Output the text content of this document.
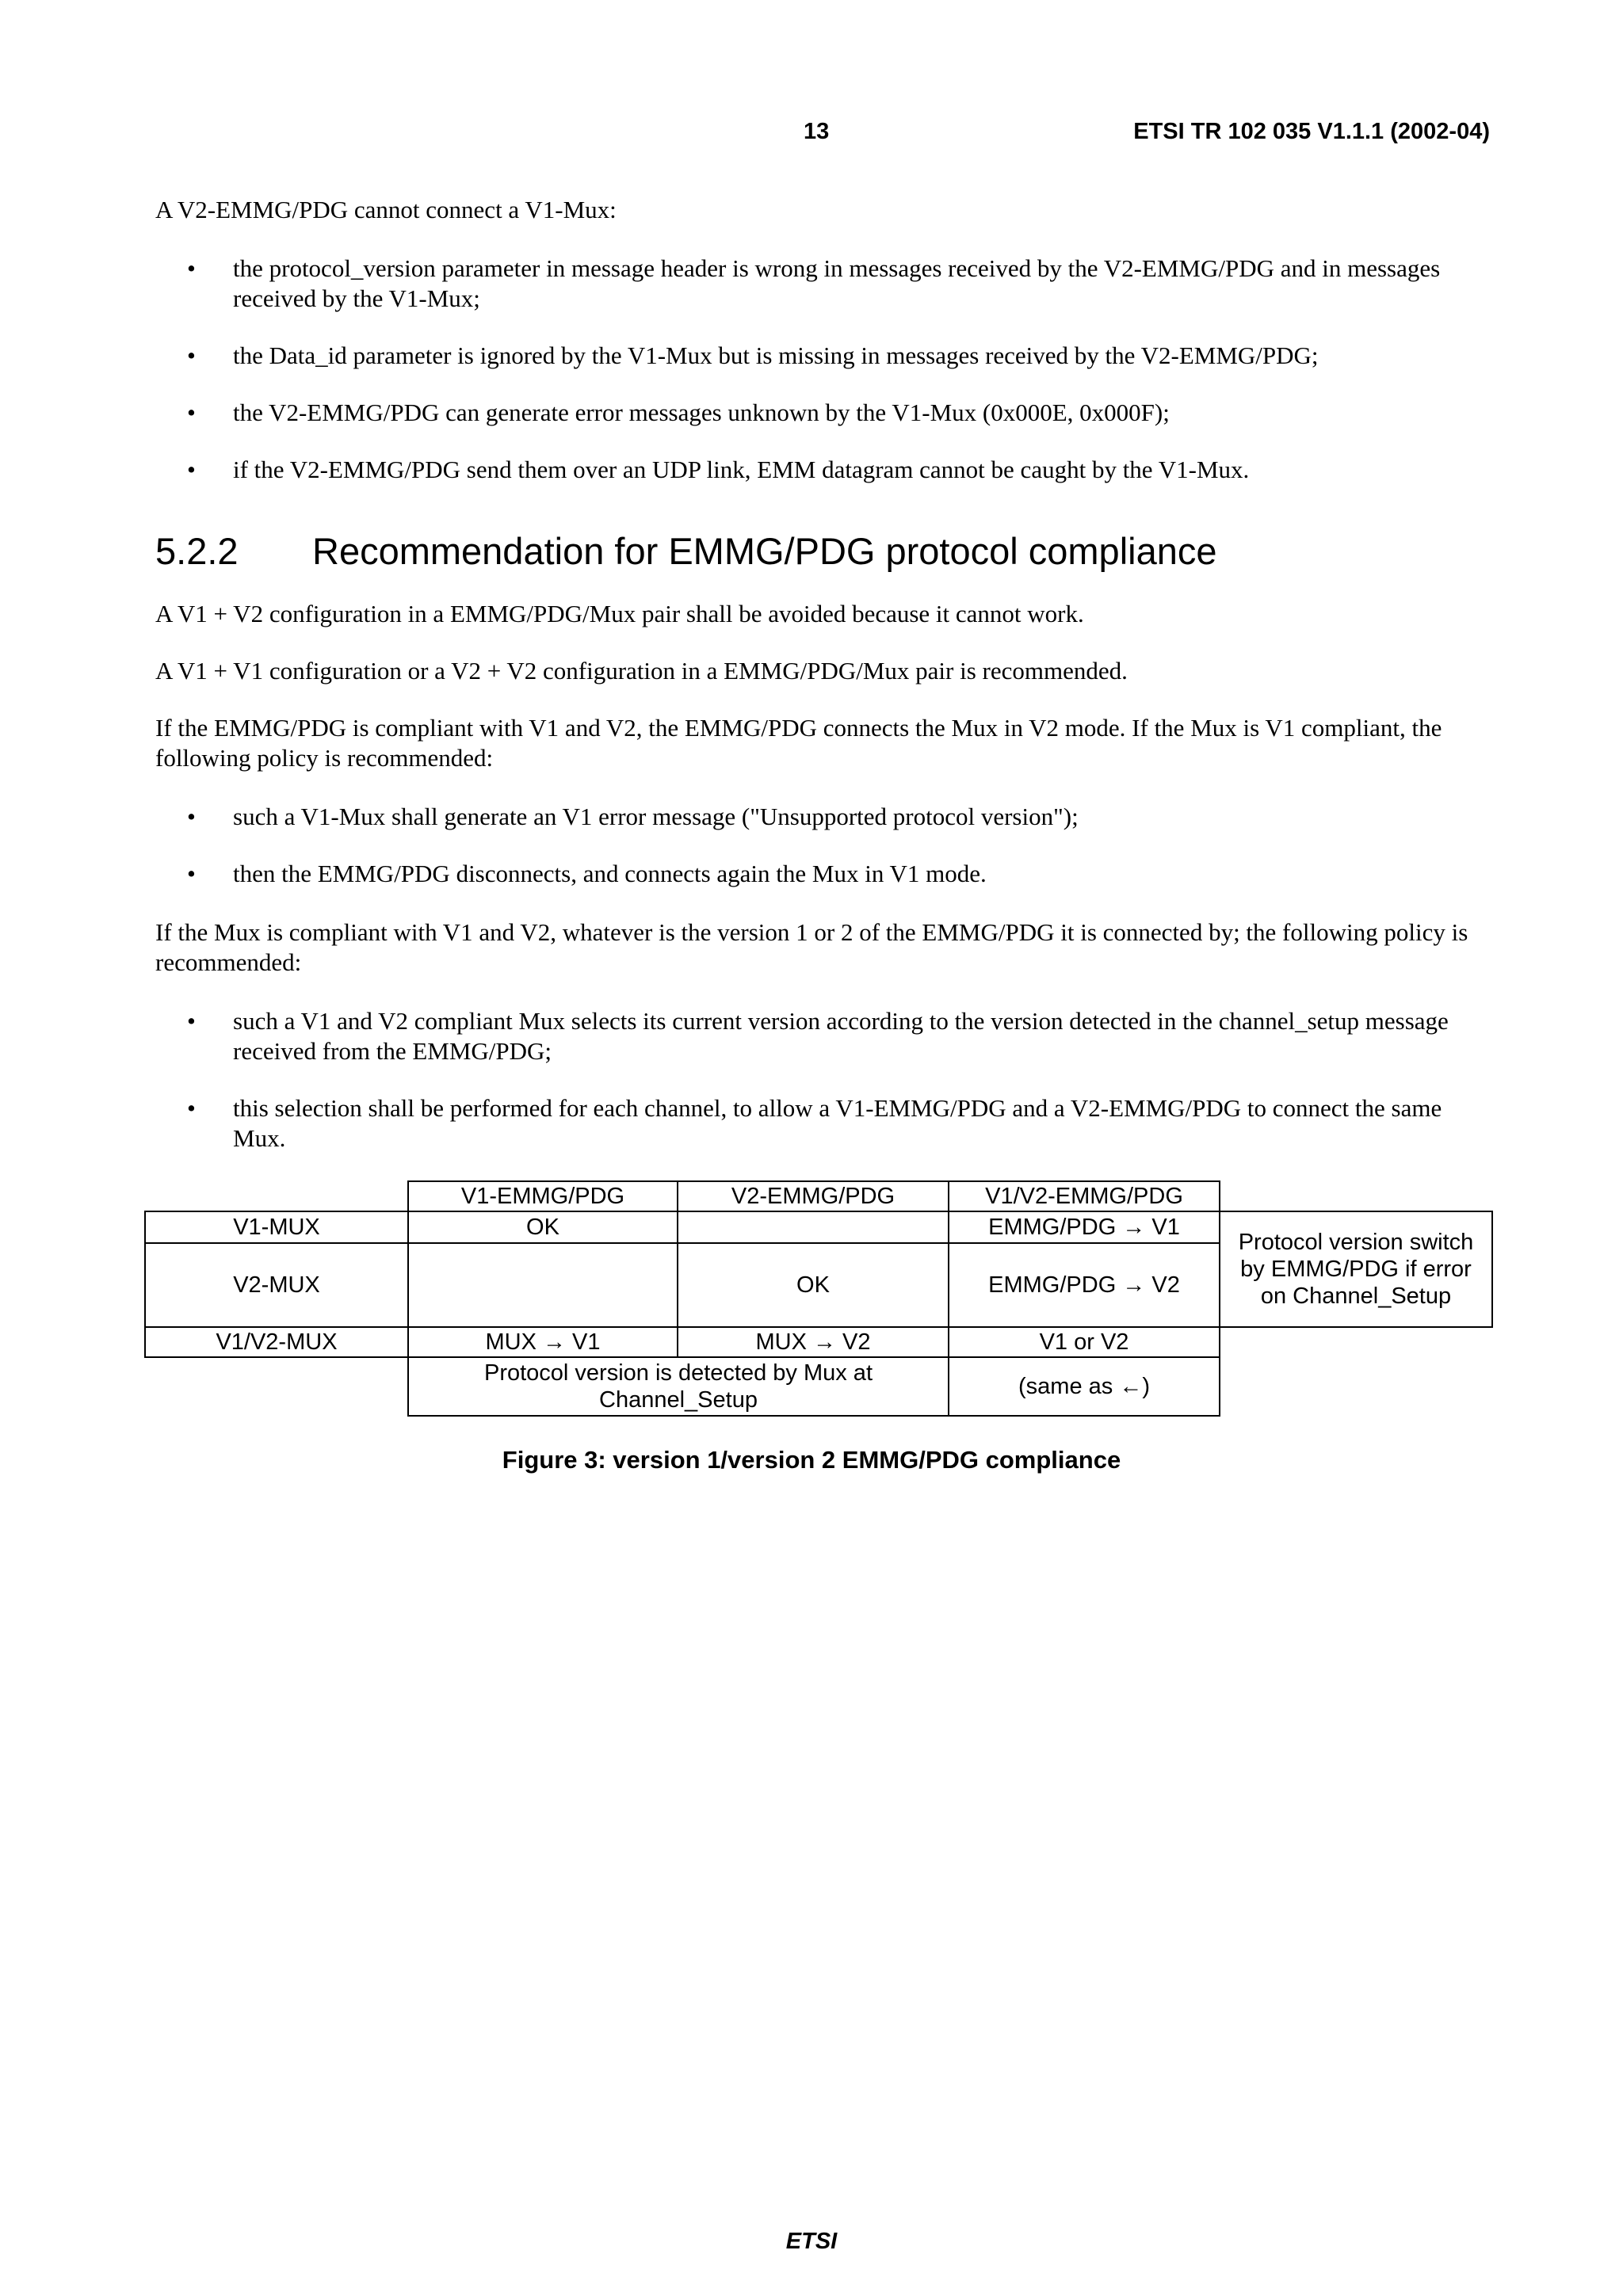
13	ETSI TR 102 035 V1.1.1 (2002-04)

A V2-EMMG/PDG cannot connect a V1-Mux:

• the protocol_version parameter in message header is wrong in messages received by the V2-EMMG/PDG and in messages received by the V1-Mux;
• the Data_id parameter is ignored by the V1-Mux but is missing in messages received by the V2-EMMG/PDG;
• the V2-EMMG/PDG can generate error messages unknown by the V1-Mux (0x000E, 0x000F);
• if the V2-EMMG/PDG send them over an UDP link, EMM datagram cannot be caught by the V1-Mux.
5.2.2 Recommendation for EMMG/PDG protocol compliance

A V1 + V2 configuration in a EMMG/PDG/Mux pair shall be avoided because it cannot work.

A V1 + V1 configuration or a V2 + V2 configuration in a EMMG/PDG/Mux pair is recommended.

If the EMMG/PDG is compliant with V1 and V2, the EMMG/PDG connects the Mux in V2 mode. If the Mux is V1 compliant, the following policy is recommended:

• such a V1-Mux shall generate an V1 error message ("Unsupported protocol version");
• then the EMMG/PDG disconnects, and connects again the Mux in V1 mode.

If the Mux is compliant with V1 and V2, whatever is the version 1 or 2 of the EMMG/PDG it is connected by; the following policy is recommended:

• such a V1 and V2 compliant Mux selects its current version according to the version detected in the channel_setup message received from the EMMG/PDG;
• this selection shall be performed for each channel, to allow a V1-EMMG/PDG and a V2-EMMG/PDG to connect the same Mux.
	V1-EMMG/PDG	V2-EMMG/PDG	V1/V2-EMMG/PDG	
V1-MUX	OK		EMMG/PDG → V1	Protocol version switch by EMMG/PDG if error on Channel_Setup
V2-MUX		OK	EMMG/PDG → V2	
V1/V2-MUX	MUX → V1	MUX → V2	V1 or V2	
	Protocol version is detected by Mux at Channel_Setup		(same as ←)	

Figure 3: version 1/version 2 EMMG/PDG compliance

ETSI
